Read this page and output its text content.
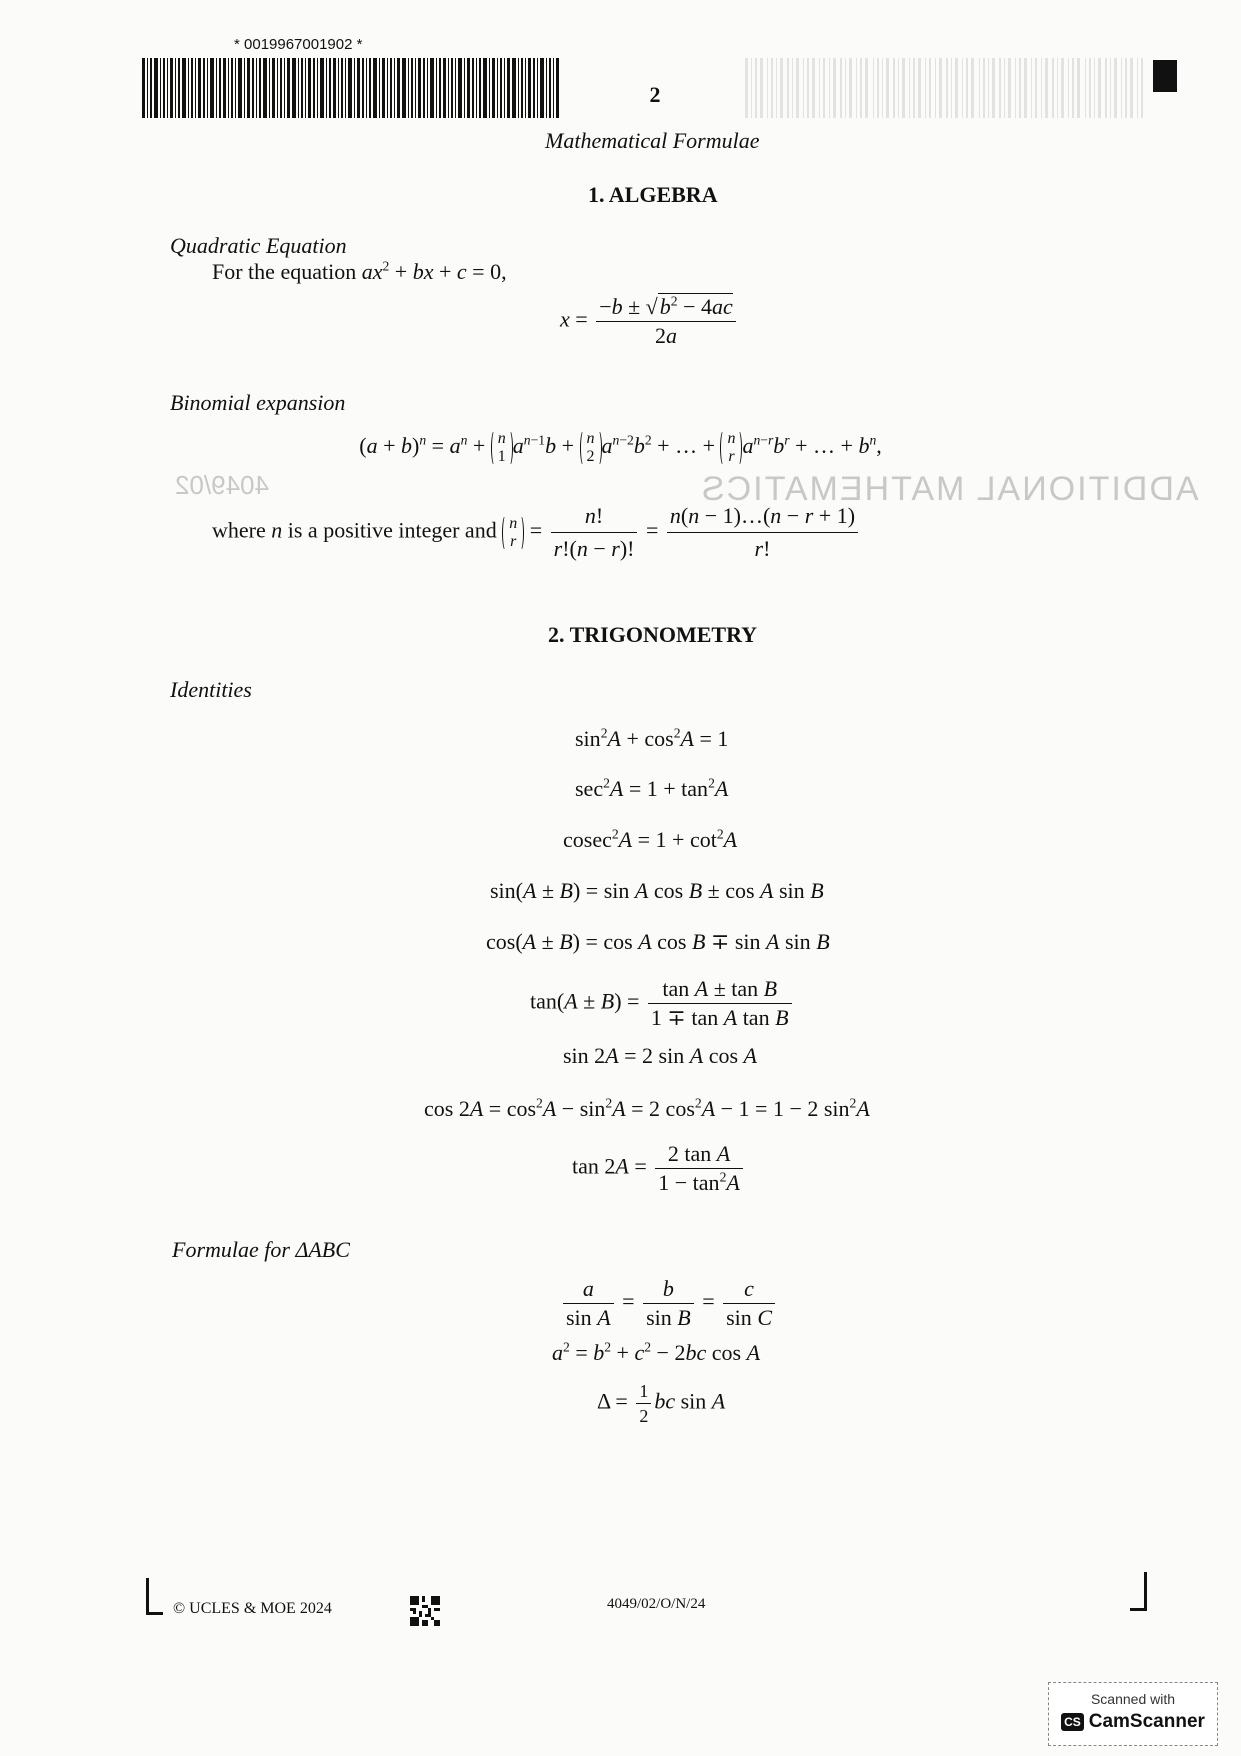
ADDITIONAL MATHEMATICS
4049/02
* 0019967001902 *
2
Mathematical Formulae
1. ALGEBRA
Quadratic Equation
For the equation $ax^2$ + bx + c = 0,
$x = \frac{-b \pm √b^2 - 4ac}{2a}$
Binomial expansion
$(a + b)^n = a^n + n$
1 $a^{n-1}b + n$
2 $a^{n-2}b^2$ + … + n
r $a^{n-r}b^r$ + … + $b^n$,
where n is a positive integer and n
$r = \frac{n!}{r!(n - r)!} = \frac{n(n - 1)\dots(n - r + 1)}{r!}$
2. TRIGONOMETRY
Identities
$\sin^2A + \cos^2A = 1$
$\sec^2A = 1 + \tan^2A$
$cosec^2A = 1 + \cot^2A$
sin(A ± B) = sin A cos B ± cos A sin B
cos(A ± B) = cos A cos B ∓ sin A sin B
$\tan(A \pm B) = \frac{\text{tan A ± tan B}}{\text{1 ∓ tan A tan B}}$
sin 2A = 2 sin A cos A
$\cos 2A = \cos^2A - \sin^2A = 2$ $\cos^2A - 1 = 1 - 2$ $\sin^2A$
$\tan 2A = \frac{\text{2 tan A}}{1 - \tan^2A}$
Formulae for ΔABC
$\frac{a}{\text{sin A}} = \frac{b}{\text{sin B}} = \frac{c}{\text{sin C}}$
$a^2 = b^2 + c^2 - 2bc$ cos A
$\Delta = \frac{1}{2}$ bc sin A
© UCLES & MOE 2024	4049/02/O/N/24
Scanned with
CS CamScanner
